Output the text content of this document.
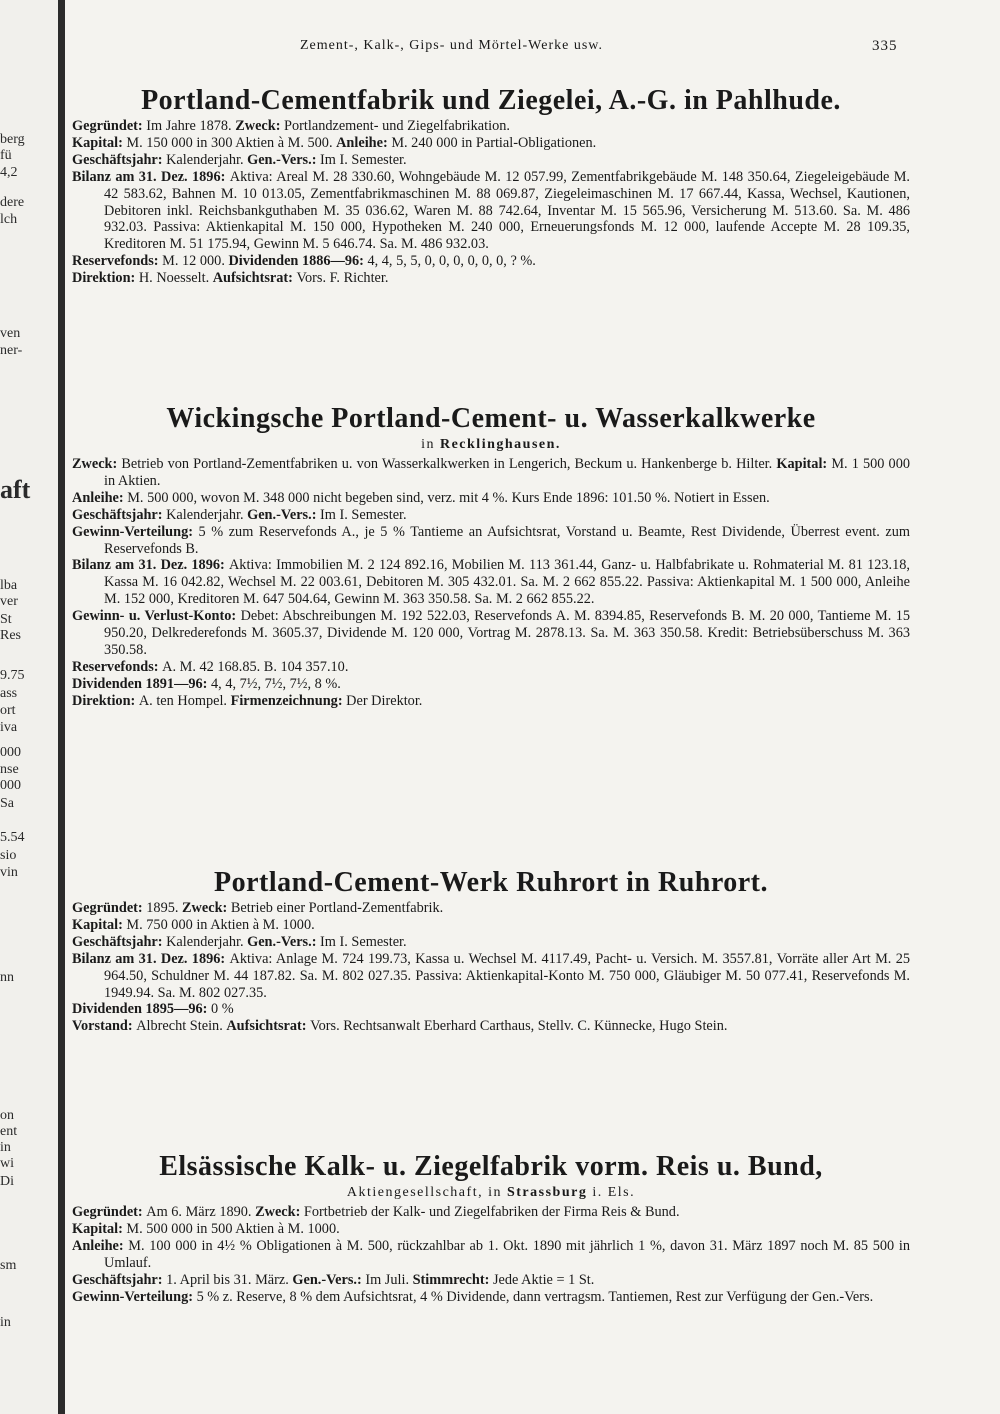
berg
fü
4,2
dere
lch
ven
ner-
aft
lba
ver
St
Res
9.75
ass
ort
iva
000
nse
000
Sa
5.54
sio
vin
nn
on
ent
in
wi
Di
sm
in
Zement-, Kalk-, Gips- und Mörtel-Werke usw.	335
Portland-Cementfabrik und Ziegelei, A.-G. in Pahlhude.

Gegründet: Im Jahre 1878. Zweck: Portlandzement- und Ziegelfabrikation.

Kapital: M. 150 000 in 300 Aktien à M. 500. Anleihe: M. 240 000 in Partial-Obligationen.

Geschäftsjahr: Kalenderjahr. Gen.-Vers.: Im I. Semester.

Bilanz am 31. Dez. 1896: Aktiva: Areal M. 28 330.60, Wohngebäude M. 12 057.99, Zementfabrikgebäude M. 148 350.64, Ziegeleigebäude M. 42 583.62, Bahnen M. 10 013.05, Zementfabrikmaschinen M. 88 069.87, Ziegeleimaschinen M. 17 667.44, Kassa, Wechsel, Kautionen, Debitoren inkl. Reichsbankguthaben M. 35 036.62, Waren M. 88 742.64, Inventar M. 15 565.96, Versicherung M. 513.60. Sa. M. 486 932.03. Passiva: Aktienkapital M. 150 000, Hypotheken M. 240 000, Erneuerungsfonds M. 12 000, laufende Accepte M. 28 109.35, Kreditoren M. 51 175.94, Gewinn M. 5 646.74. Sa. M. 486 932.03.

Reservefonds: M. 12 000. Dividenden 1886—96: 4, 4, 5, 5, 0, 0, 0, 0, 0, 0, ? %.

Direktion: H. Noesselt. Aufsichtsrat: Vors. F. Richter.

Wickingsche Portland-Cement- u. Wasserkalkwerke
in Recklinghausen.

Zweck: Betrieb von Portland-Zementfabriken u. von Wasserkalkwerken in Lengerich, Beckum u. Hankenberge b. Hilter. Kapital: M. 1 500 000 in Aktien.

Anleihe: M. 500 000, wovon M. 348 000 nicht begeben sind, verz. mit 4 %. Kurs Ende 1896: 101.50 %. Notiert in Essen.

Geschäftsjahr: Kalenderjahr. Gen.-Vers.: Im I. Semester.

Gewinn-Verteilung: 5 % zum Reservefonds A., je 5 % Tantieme an Aufsichtsrat, Vorstand u. Beamte, Rest Dividende, Überrest event. zum Reservefonds B.

Bilanz am 31. Dez. 1896: Aktiva: Immobilien M. 2 124 892.16, Mobilien M. 113 361.44, Ganz- u. Halbfabrikate u. Rohmaterial M. 81 123.18, Kassa M. 16 042.82, Wechsel M. 22 003.61, Debitoren M. 305 432.01. Sa. M. 2 662 855.22. Passiva: Aktienkapital M. 1 500 000, Anleihe M. 152 000, Kreditoren M. 647 504.64, Gewinn M. 363 350.58. Sa. M. 2 662 855.22.

Gewinn- u. Verlust-Konto: Debet: Abschreibungen M. 192 522.03, Reservefonds A. M. 8394.85, Reservefonds B. M. 20 000, Tantieme M. 15 950.20, Delkrederefonds M. 3605.37, Dividende M. 120 000, Vortrag M. 2878.13. Sa. M. 363 350.58. Kredit: Betriebsüberschuss M. 363 350.58.

Reservefonds: A. M. 42 168.85. B. 104 357.10.

Dividenden 1891—96: 4, 4, 7½, 7½, 7½, 8 %.

Direktion: A. ten Hompel. Firmenzeichnung: Der Direktor.

Portland-Cement-Werk Ruhrort in Ruhrort.

Gegründet: 1895. Zweck: Betrieb einer Portland-Zementfabrik.

Kapital: M. 750 000 in Aktien à M. 1000.

Geschäftsjahr: Kalenderjahr. Gen.-Vers.: Im I. Semester.

Bilanz am 31. Dez. 1896: Aktiva: Anlage M. 724 199.73, Kassa u. Wechsel M. 4117.49, Pacht- u. Versich. M. 3557.81, Vorräte aller Art M. 25 964.50, Schuldner M. 44 187.82. Sa. M. 802 027.35. Passiva: Aktienkapital-Konto M. 750 000, Gläubiger M. 50 077.41, Reservefonds M. 1949.94. Sa. M. 802 027.35.

Dividenden 1895—96: 0 %

Vorstand: Albrecht Stein. Aufsichtsrat: Vors. Rechtsanwalt Eberhard Carthaus, Stellv. C. Künnecke, Hugo Stein.

Elsässische Kalk- u. Ziegelfabrik vorm. Reis u. Bund,
Aktiengesellschaft, in Strassburg i. Els.

Gegründet: Am 6. März 1890. Zweck: Fortbetrieb der Kalk- und Ziegelfabriken der Firma Reis & Bund.

Kapital: M. 500 000 in 500 Aktien à M. 1000.

Anleihe: M. 100 000 in 4½ % Obligationen à M. 500, rückzahlbar ab 1. Okt. 1890 mit jährlich 1 %, davon 31. März 1897 noch M. 85 500 in Umlauf.

Geschäftsjahr: 1. April bis 31. März. Gen.-Vers.: Im Juli. Stimmrecht: Jede Aktie = 1 St.

Gewinn-Verteilung: 5 % z. Reserve, 8 % dem Aufsichtsrat, 4 % Dividende, dann vertragsm. Tantiemen, Rest zur Verfügung der Gen.-Vers.
